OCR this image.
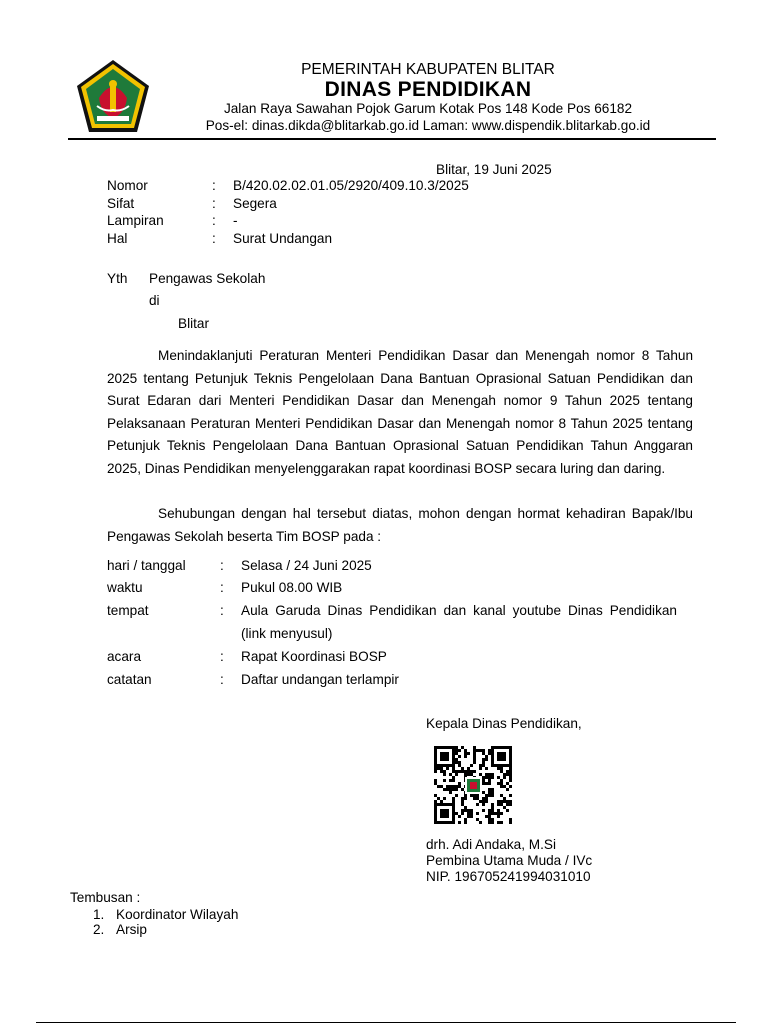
PEMERINTAH KABUPATEN BLITAR
DINAS PENDIDIKAN
Jalan Raya Sawahan Pojok Garum Kotak Pos 148 Kode Pos 66182
Pos-el: dinas.dikda@blitarkab.go.id Laman: www.dispendik.blitarkab.go.id
Blitar, 19 Juni 2025
Nomor	: B/420.02.02.01.05/2920/409.10.3/2025
Sifat	: Segera
Lampiran	: -
Hal	: Surat Undangan
Yth Pengawas Sekolah
di
Blitar

Menindaklanjuti Peraturan Menteri Pendidikan Dasar dan Menengah nomor 8 Tahun 2025 tentang Petunjuk Teknis Pengelolaan Dana Bantuan Oprasional Satuan Pendidikan dan Surat Edaran dari Menteri Pendidikan Dasar dan Menengah nomor 9 Tahun 2025 tentang Pelaksanaan Peraturan Menteri Pendidikan Dasar dan Menengah nomor 8 Tahun 2025 tentang Petunjuk Teknis Pengelolaan Dana Bantuan Oprasional Satuan Pendidikan Tahun Anggaran 2025, Dinas Pendidikan menyelenggarakan rapat koordinasi BOSP secara luring dan daring.

Sehubungan dengan hal tersebut diatas, mohon dengan hormat kehadiran Bapak/Ibu Pengawas Sekolah beserta Tim BOSP pada :

hari / tanggal	: Selasa / 24 Juni 2025
waktu	: Pukul 08.00 WIB
tempat	: Aula Garuda Dinas Pendidikan dan kanal youtube Dinas Pendidikan (link menyusul)
acara	: Rapat Koordinasi BOSP
catatan	: Daftar undangan terlampir
Kepala Dinas Pendidikan,
drh. Adi Andaka, M.Si
Pembina Utama Muda / IVc
NIP. 196705241994031010
Tembusan :
1. Koordinator Wilayah
2. Arsip
